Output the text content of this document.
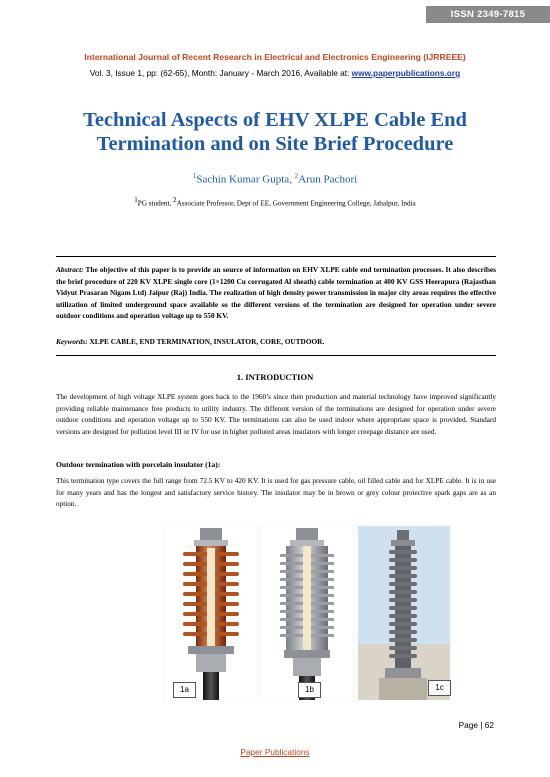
ISSN 2349-7815
International Journal of Recent Research in Electrical and Electronics Engineering (IJRREEE)
Vol. 3, Issue 1, pp: (62-65), Month: January - March 2016, Available at: www.paperpublications.org
Technical Aspects of EHV XLPE Cable End Termination and on Site Brief Procedure
$^1$Sachin Kumar Gupta, $^2$Arun Pachori
$^1$PG student, $^2$Associate Professor, Dept of EE, Government Engineering College, Jabalpur, India
Abstract: The objective of this paper is to provide an source of information on EHV XLPE cable end termination processes. It also describes the brief procedure of 220 KV XLPE single core (1×1200 Cu corrugated Al sheath) cable termination at 400 KV GSS Heerapura (Rajasthan Vidyut Prasaran Nigam Ltd) Jaipur (Raj) India. The realization of high density power transmission in major city areas requires the effective utilization of limited underground space available so the different versions of the termination are designed for operation under severe outdoor conditions and operation voltage up to 550 KV.
Keywords: XLPE CABLE, END TERMINATION, INSULATOR, CORE, OUTDOOR.
1. INTRODUCTION
The development of high voltage XLPE system goes back to the 1960’s since then production and material technology have improved significantly providing reliable maintenance free products to utility industry. The different version of the terminations are designed for operation under severe outdoor conditions and operation voltage up to 550 KV. The terminations can also be used indoor where appropriate space is provided. Standard versions are designed for pollution level III or IV for use in higher polluted areas insulators with longer creepage distance are used.
Outdoor termination with porcelain insulator (1a):
This termination type covers the full range from 72.5 KV to 420 KV. It is used for gas pressure cable, oil filled cable and for XLPE cable. It is in use for many years and has the longest and satisfactory service history. The insulator may be in brown or grey colour protective spark gaps are as an option.
1a	1b	1c
Page | 62
Paper Publications
